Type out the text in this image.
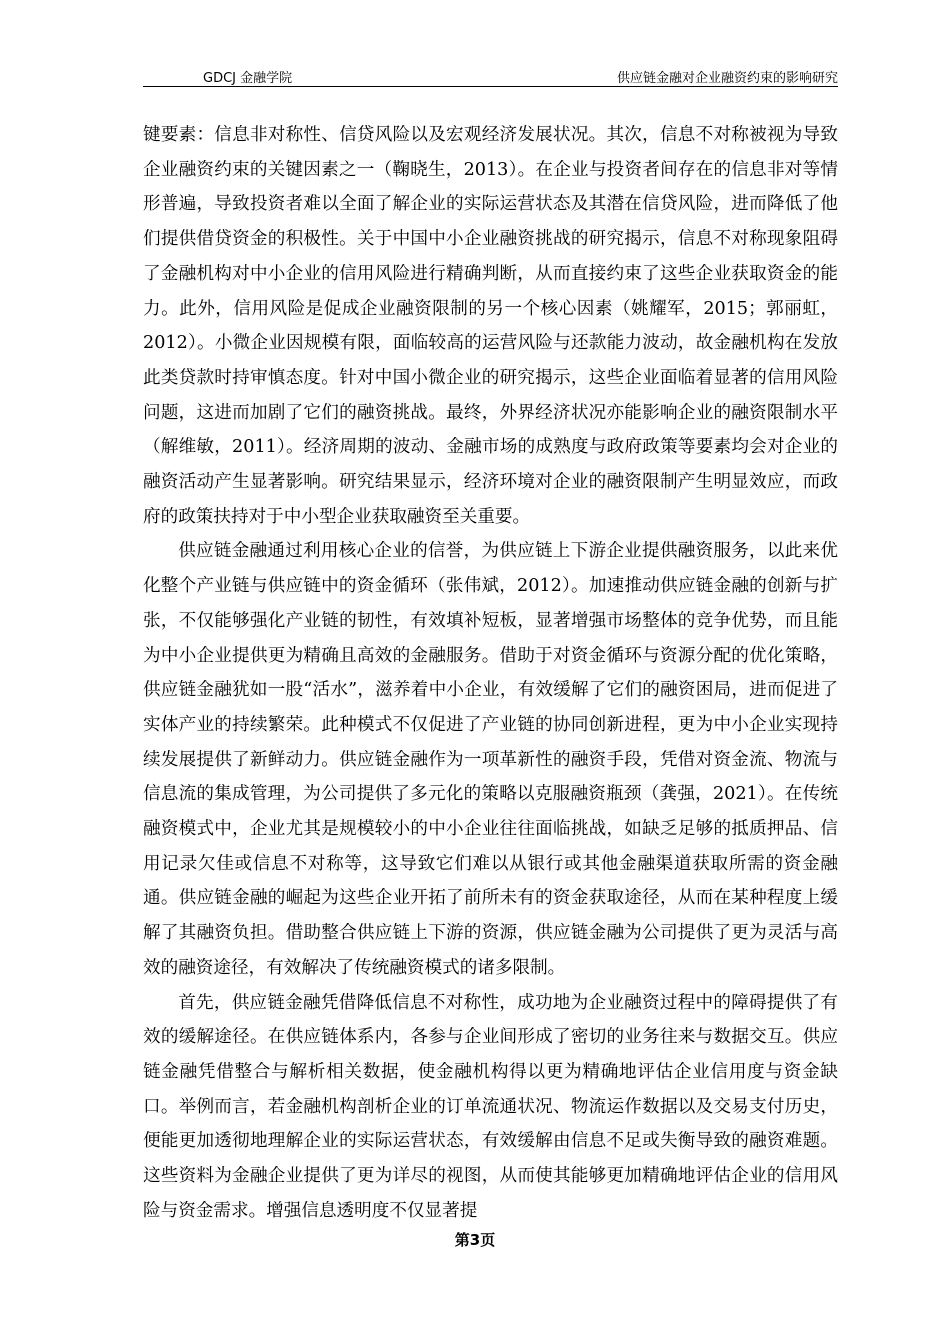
GDCJ 金融学院	供应链金融对企业融资约束的影响研究

键要素：信息非对称性、信贷风险以及宏观经济发展状况。其次，信息不对称被视为导致企业融资约束的关键因素之一（鞠晓生，2013）。在企业与投资者间存在的信息非对等情形普遍，导致投资者难以全面了解企业的实际运营状态及其潜在信贷风险，进而降低了他们提供借贷资金的积极性。关于中国中小企业融资挑战的研究揭示，信息不对称现象阻碍了金融机构对中小企业的信用风险进行精确判断，从而直接约束了这些企业获取资金的能力。此外，信用风险是促成企业融资限制的另一个核心因素（姚耀军，2015；郭丽虹，2012）。小微企业因规模有限，面临较高的运营风险与还款能力波动，故金融机构在发放此类贷款时持审慎态度。针对中国小微企业的研究揭示，这些企业面临着显著的信用风险问题，这进而加剧了它们的融资挑战。最终，外界经济状况亦能影响企业的融资限制水平（解维敏，2011）。经济周期的波动、金融市场的成熟度与政府政策等要素均会对企业的融资活动产生显著影响。研究结果显示，经济环境对企业的融资限制产生明显效应，而政府的政策扶持对于中小型企业获取融资至关重要。

供应链金融通过利用核心企业的信誉，为供应链上下游企业提供融资服务，以此来优化整个产业链与供应链中的资金循环（张伟斌，2012）。加速推动供应链金融的创新与扩张，不仅能够强化产业链的韧性，有效填补短板，显著增强市场整体的竞争优势，而且能为中小企业提供更为精确且高效的金融服务。借助于对资金循环与资源分配的优化策略，供应链金融犹如一股“活水”，滋养着中小企业，有效缓解了它们的融资困局，进而促进了实体产业的持续繁荣。此种模式不仅促进了产业链的协同创新进程，更为中小企业实现持续发展提供了新鲜动力。供应链金融作为一项革新性的融资手段，凭借对资金流、物流与信息流的集成管理，为公司提供了多元化的策略以克服融资瓶颈（龚强，2021）。在传统融资模式中，企业尤其是规模较小的中小企业往往面临挑战，如缺乏足够的抵质押品、信用记录欠佳或信息不对称等，这导致它们难以从银行或其他金融渠道获取所需的资金融通。供应链金融的崛起为这些企业开拓了前所未有的资金获取途径，从而在某种程度上缓解了其融资负担。借助整合供应链上下游的资源，供应链金融为公司提供了更为灵活与高效的融资途径，有效解决了传统融资模式的诸多限制。

首先，供应链金融凭借降低信息不对称性，成功地为企业融资过程中的障碍提供了有效的缓解途径。在供应链体系内，各参与企业间形成了密切的业务往来与数据交互。供应链金融凭借整合与解析相关数据，使金融机构得以更为精确地评估企业信用度与资金缺口。举例而言，若金融机构剖析企业的订单流通状况、物流运作数据以及交易支付历史，便能更加透彻地理解企业的实际运营状态，有效缓解由信息不足或失衡导致的融资难题。这些资料为金融企业提供了更为详尽的视图，从而使其能够更加精确地评估企业的信用风险与资金需求。增强信息透明度不仅显著提

第3页
